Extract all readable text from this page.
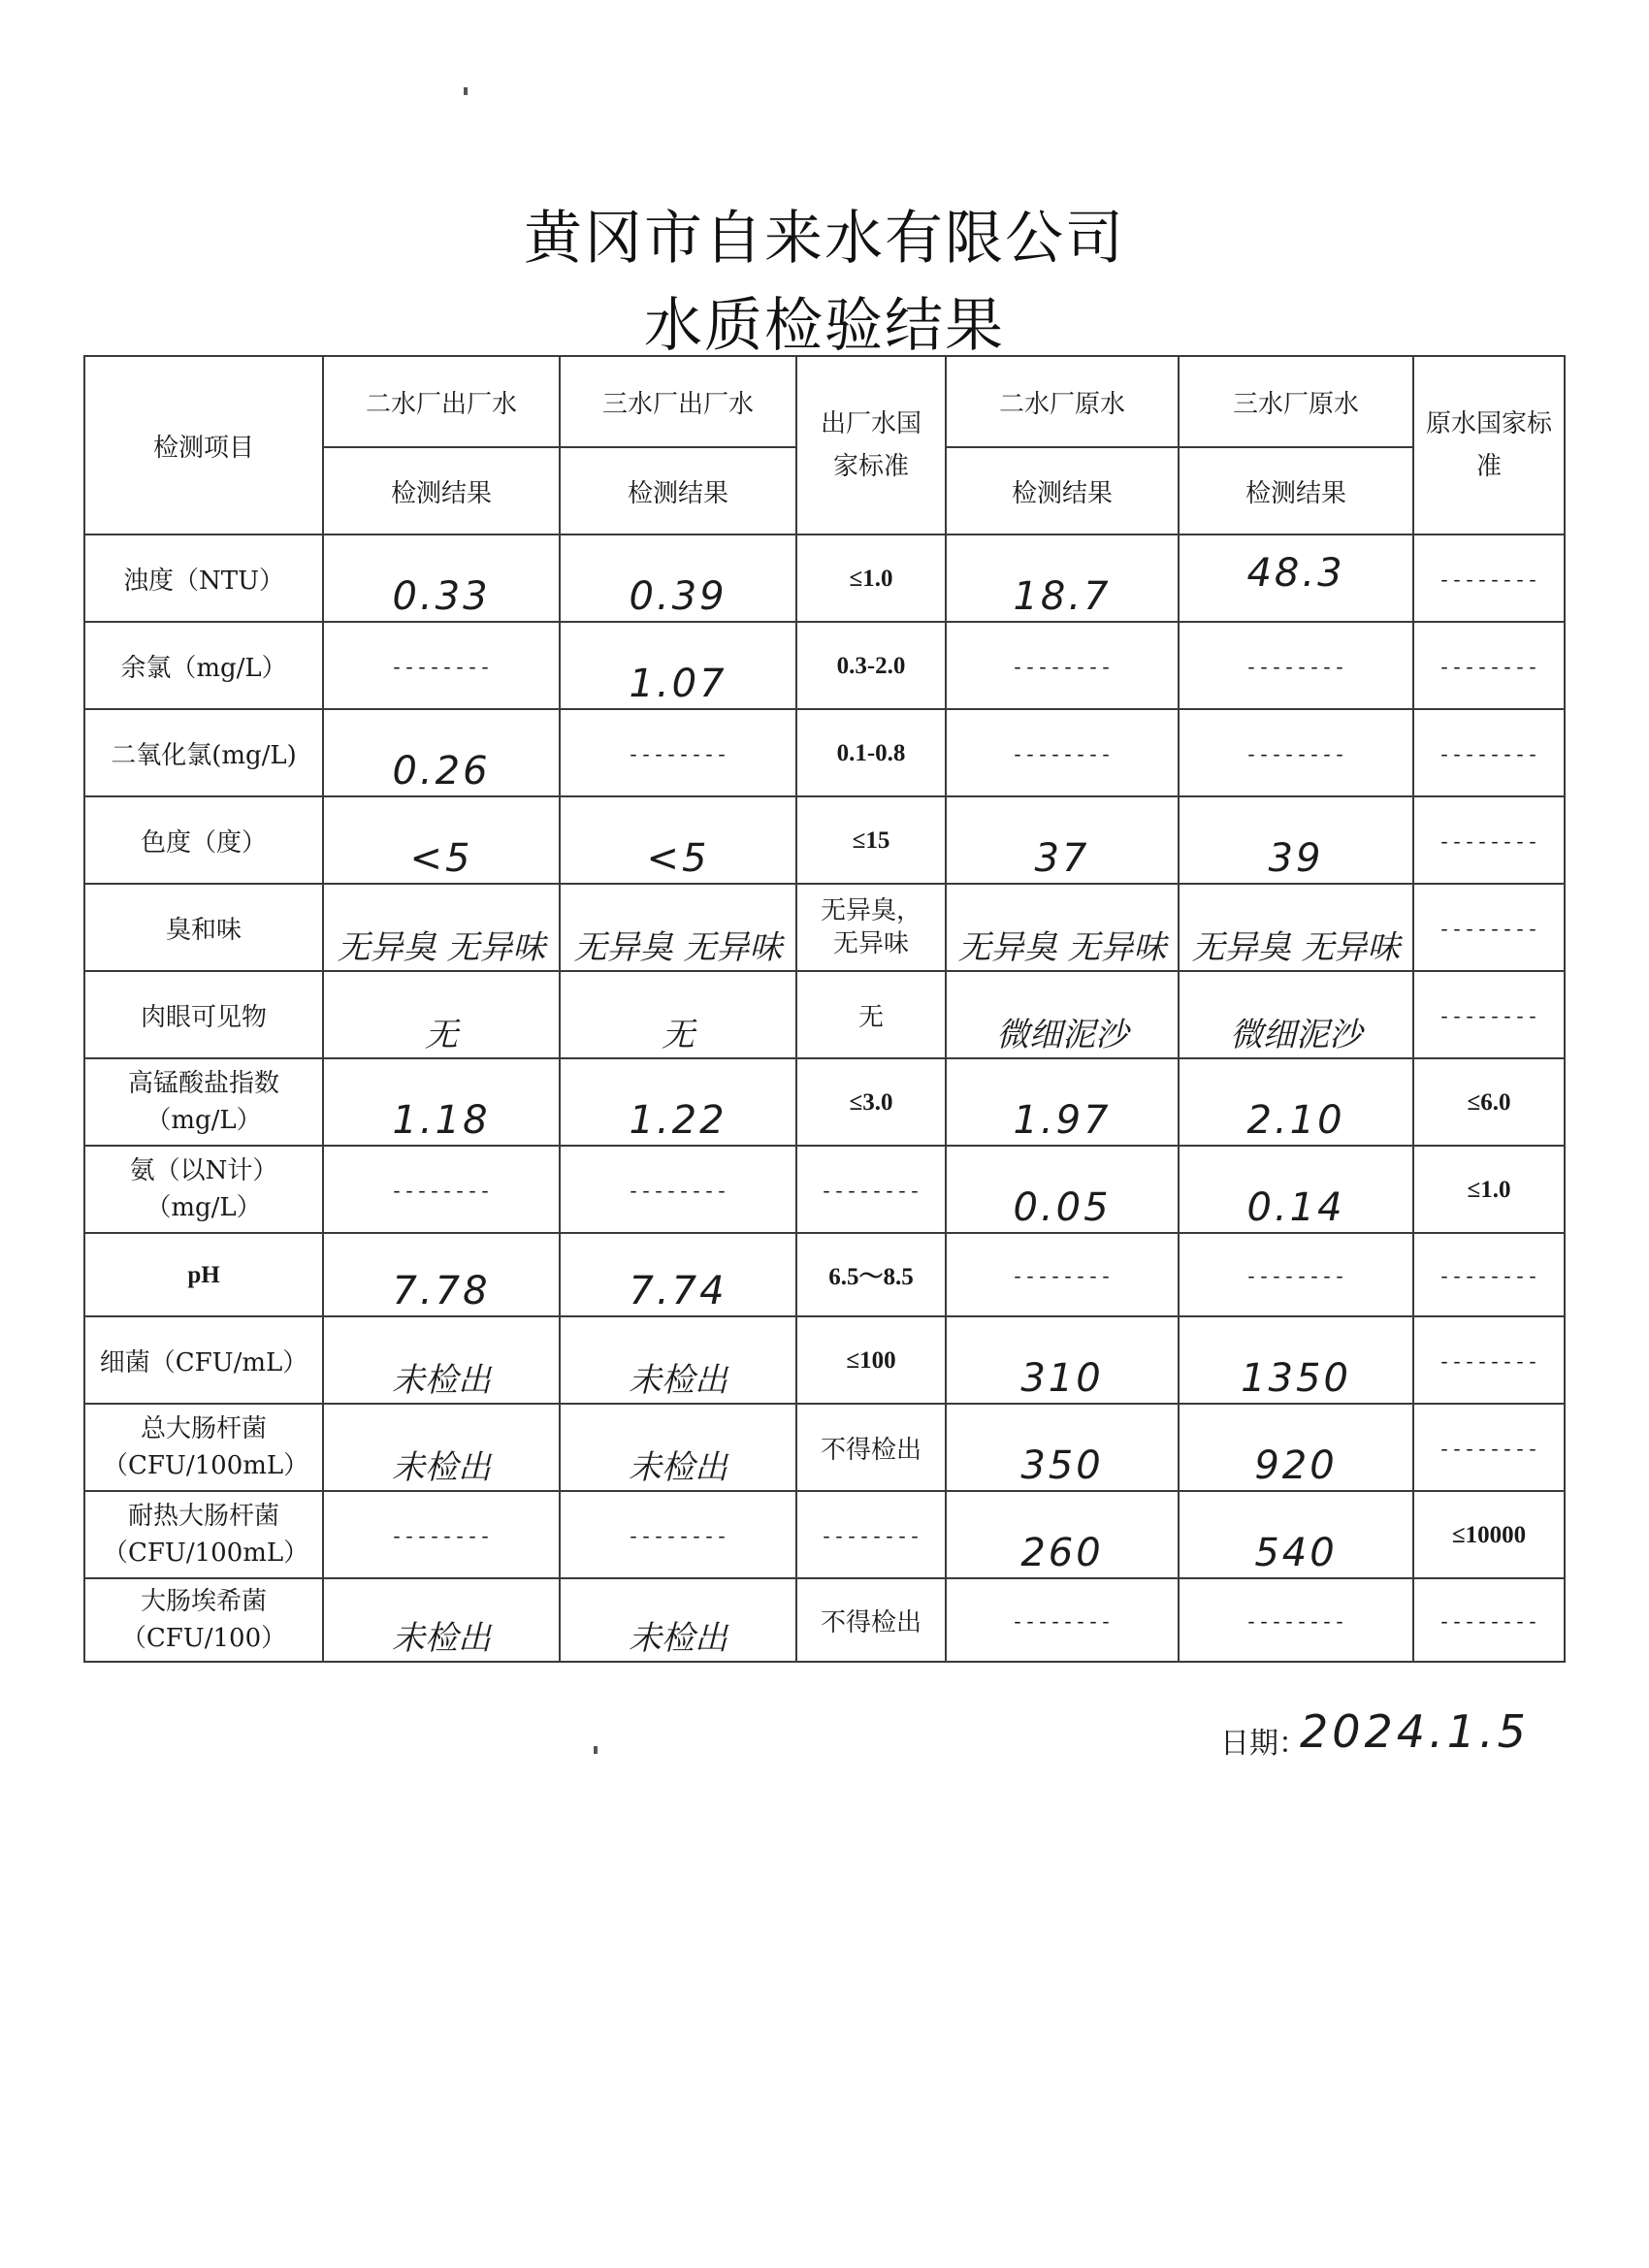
黄冈市自来水有限公司
水质检验结果
检测项目	二水厂出厂水	三水厂出厂水	出厂水国家标准	二水厂原水	三水厂原水	原水国家标准

	检测结果	检测结果		检测结果	检测结果	
浊度（NTU）	0.33	0.39	≤1.0	18.7	48.3	--------
余氯（mg/L）	--------	1.07	0.3-2.0	--------	--------	--------
二氧化氯(mg/L)	0.26	--------	0.1-0.8	--------	--------	--------
色度（度）	<5	<5	≤15	37	39	--------
臭和味	无异臭 无异味	无异臭 无异味	无异臭，无异味	无异臭 无异味	无异臭 无异味	--------
肉眼可见物	无	无	无	微细泥沙	微细泥沙	--------

高锰酸盐指数（mg/L）	1.18	1.22	≤3.0	1.97	2.10	≤6.0

氨（以N计）（mg/L）	--------	--------	--------	0.05	0.14	≤1.0
pH	7.78	7.74	6.5～8.5	--------	--------	--------
细菌（CFU/mL）	未检出	未检出	≤100	310	1350	--------

总大肠杆菌（CFU/100mL）	未检出	未检出	不得检出	350	920	--------

耐热大肠杆菌（CFU/100mL）	--------	--------	--------	260	540	≤10000

大肠埃希菌（CFU/100）	未检出	未检出	不得检出	--------	--------	--------
日期：
2024.1.5
